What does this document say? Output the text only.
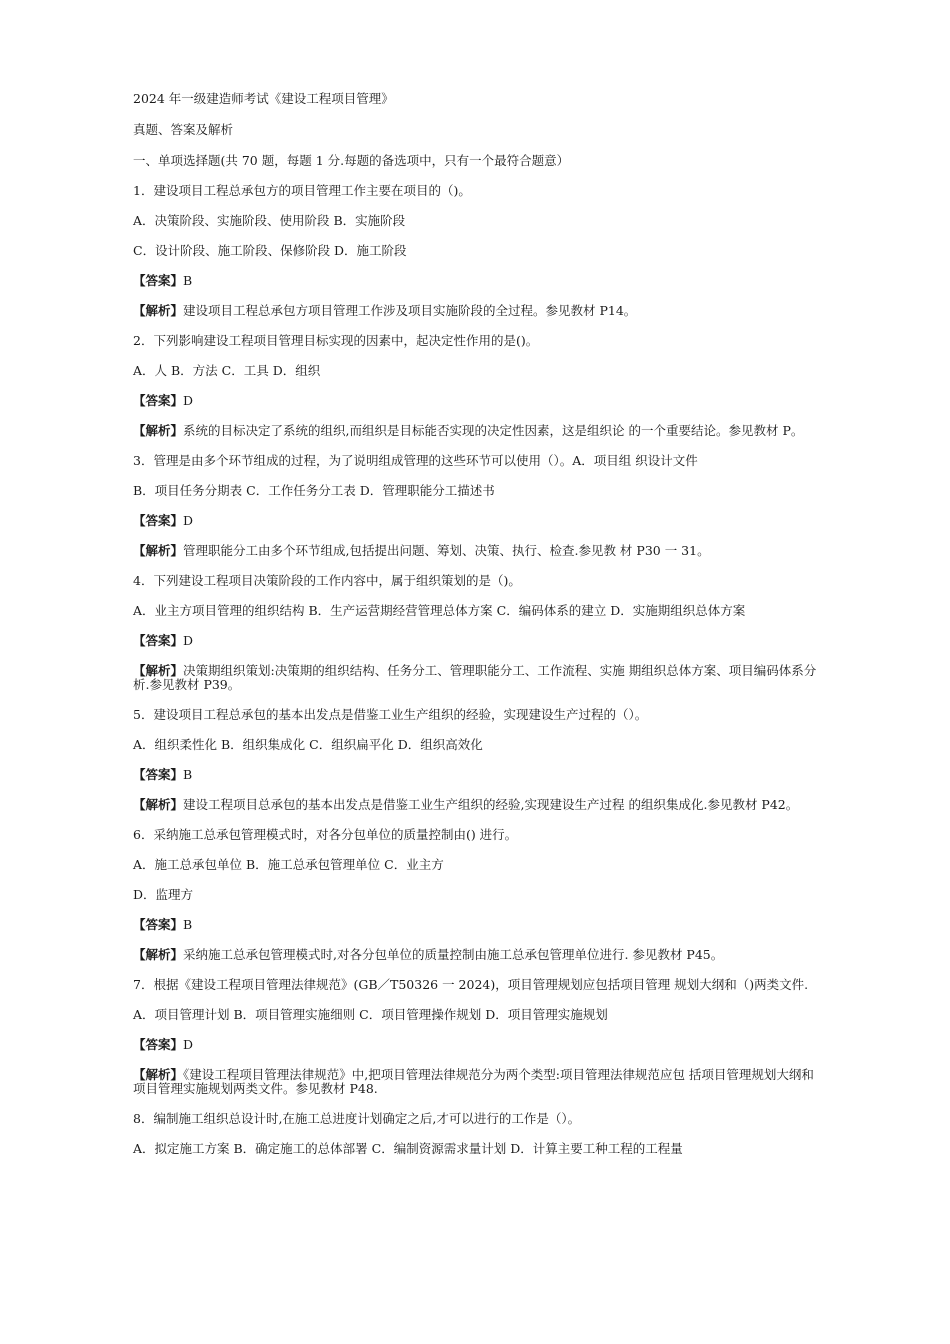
2024 年一级建造师考试《建设工程项目管理》

真题、答案及解析

一、单项选择题(共 70 题，每题 1 分.每题的备选项中，只有一个最符合题意）

1．建设项目工程总承包方的项目管理工作主要在项目的（)。

A．决策阶段、实施阶段、使用阶段 B．实施阶段

C．设计阶段、施工阶段、保修阶段 D．施工阶段

【答案】B

【解析】建设项目工程总承包方项目管理工作涉及项目实施阶段的全过程。参见教材 P14。

2．下列影响建设工程项目管理目标实现的因素中，起决定性作用的是()。

A．人 B．方法 C．工具 D．组织

【答案】D

【解析】系统的目标决定了系统的组织,而组织是目标能否实现的决定性因素，这是组织论 的一个重要结论。参见教材 P。

3．管理是由多个环节组成的过程，为了说明组成管理的这些环节可以使用（）。A．项目组 织设计文件

B．项目任务分期表 C．工作任务分工表 D．管理职能分工描述书

【答案】D

【解析】管理职能分工由多个环节组成,包括提出问题、筹划、决策、执行、检查.参见教 材 P30 一 31。

4．下列建设工程项目决策阶段的工作内容中，属于组织策划的是（)。

A．业主方项目管理的组织结构 B．生产运营期经营管理总体方案 C．编码体系的建立 D．实施期组织总体方案

【答案】D

【解析】决策期组织策划:决策期的组织结构、任务分工、管理职能分工、工作流程、实施 期组织总体方案、项目编码体系分析.参见教材 P39。

5．建设项目工程总承包的基本出发点是借鉴工业生产组织的经验，实现建设生产过程的（）。

A．组织柔性化 B．组织集成化 C．组织扁平化 D．组织高效化

【答案】B

【解析】建设工程项目总承包的基本出发点是借鉴工业生产组织的经验,实现建设生产过程 的组织集成化.参见教材 P42。

6．采纳施工总承包管理模式时，对各分包单位的质量控制由() 进行。

A．施工总承包单位 B．施工总承包管理单位 C．业主方

D．监理方

【答案】B

【解析】采纳施工总承包管理模式时,对各分包单位的质量控制由施工总承包管理单位进行. 参见教材 P45。

7．根据《建设工程项目管理法律规范》(GB／T50326 一 2024)，项目管理规划应包括项目管理 规划大纲和（)两类文件.

A．项目管理计划 B．项目管理实施细则 C．项目管理操作规划 D．项目管理实施规划

【答案】D

【解析】《建设工程项目管理法律规范》中,把项目管理法律规范分为两个类型:项目管理法律规范应包 括项目管理规划大纲和项目管理实施规划两类文件。参见教材 P48.

8．编制施工组织总设计时,在施工总进度计划确定之后,才可以进行的工作是（）。

A．拟定施工方案 B．确定施工的总体部署 C．编制资源需求量计划 D．计算主要工种工程的工程量
